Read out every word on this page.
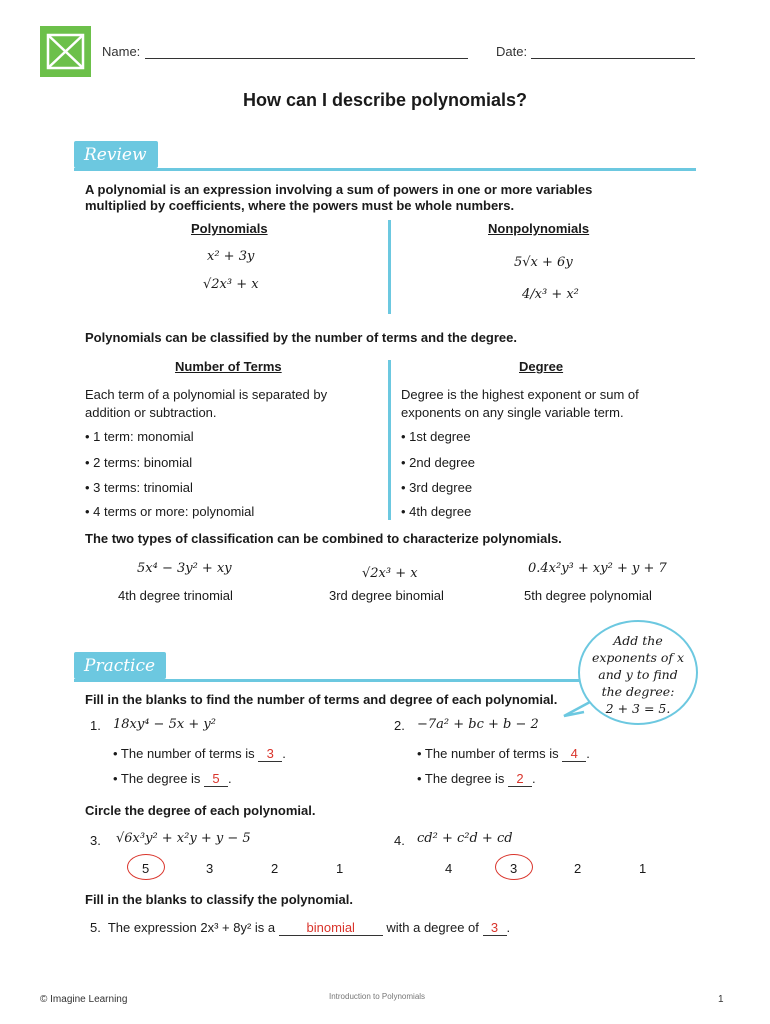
Name:	Date:
How can I describe polynomials?
Review
A polynomial is an expression involving a sum of powers in one or more variables
multiplied by coefficients, where the powers must be whole numbers.
Polynomials	Nonpolynomials
x² + 3y
√2x³ + x
5√x + 6y
4/x³ + x²
Polynomials can be classified by the number of terms and the degree.
Number of Terms	Degree
Each term of a polynomial is separated by
addition or subtraction.
Degree is the highest exponent or sum of
exponents on any single variable term.
• 1 term: monomial
• 2 terms: binomial
• 3 terms: trinomial
• 4 terms or more: polynomial
• 1st degree
• 2nd degree
• 3rd degree
• 4th degree
The two types of classification can be combined to characterize polynomials.
5x⁴ − 3y² + xy	√2x³ + x	0.4x²y³ + xy² + y + 7
4th degree trinomial	3rd degree binomial	5th degree polynomial
Practice
Add the
exponents of x
and y to find
the degree:
2 + 3 = 5.
Fill in the blanks to find the number of terms and degree of each polynomial.
1. 18xy⁴ − 5x + y²	2. −7a² + bc + b − 2
• The number of terms is 3 .
• The degree is 5 .
• The number of terms is 4 .
• The degree is 2 .
Circle the degree of each polynomial.
3. √6x³y² + x²y + y − 5	4. cd² + c²d + cd
5	3	2	1	4	3	2	1
Fill in the blanks to classify the polynomial.
5. The expression 2x³ + 8y² is a binomial with a degree of 3 .
© Imagine Learning	Introduction to Polynomials	1
